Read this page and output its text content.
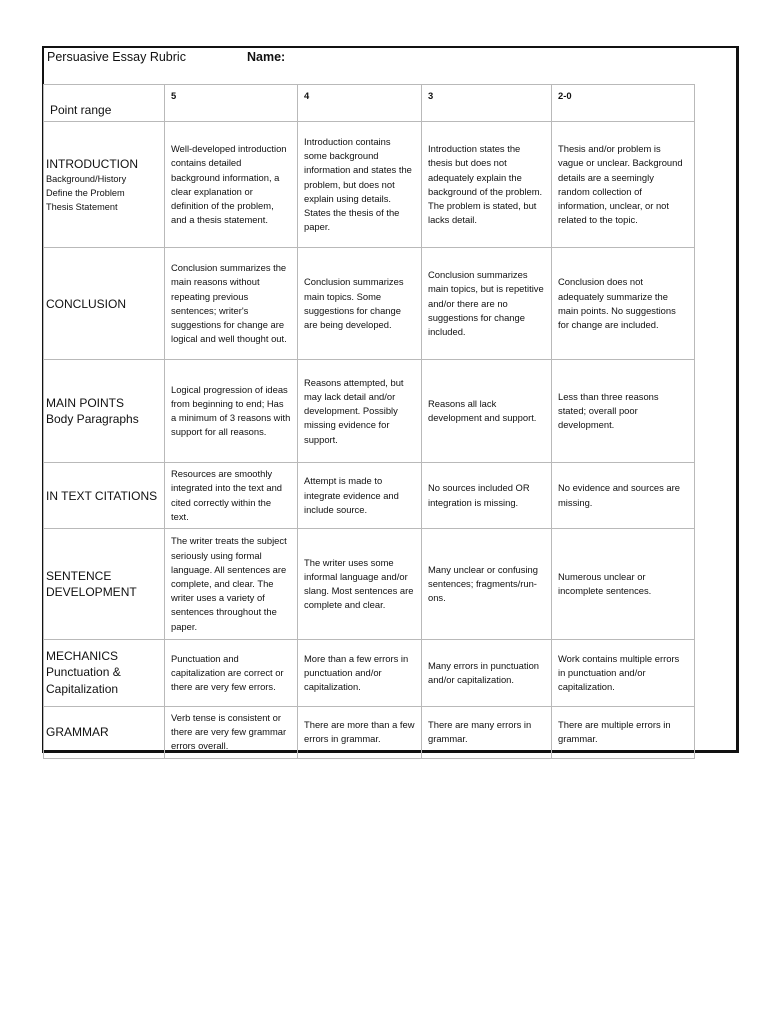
Persuasive Essay Rubric	Name:
Point range	5	4	3	2-0

INTRODUCTION
Background/History
Define the Problem
Thesis Statement	Well-developed introduction contains detailed background information, a clear explanation or definition of the problem, and a thesis statement.	Introduction contains some background information and states the problem, but does not explain using details. States the thesis of the paper.	Introduction states the thesis but does not adequately explain the background of the problem. The problem is stated, but lacks detail.	Thesis and/or problem is vague or unclear. Background details are a seemingly random collection of information, unclear, or not related to the topic.

CONCLUSION	Conclusion summarizes the main reasons without repeating previous sentences; writer's suggestions for change are logical and well thought out.	Conclusion summarizes main topics. Some suggestions for change are being developed.	Conclusion summarizes main topics, but is repetitive and/or there are no suggestions for change included.	Conclusion does not adequately summarize the main points. No suggestions for change are included.

MAIN POINTS
Body Paragraphs	Logical progression of ideas from beginning to end; Has a minimum of 3 reasons with support for all reasons.	Reasons attempted, but may lack detail and/or development. Possibly missing evidence for support.	Reasons all lack development and support.	Less than three reasons stated; overall poor development.

IN TEXT CITATIONS	Resources are smoothly integrated into the text and cited correctly within the text.	Attempt is made to integrate evidence and include source.	No sources included OR integration is missing.	No evidence and sources are missing.

SENTENCE
DEVELOPMENT	The writer treats the subject seriously using formal language. All sentences are complete, and clear. The writer uses a variety of sentences throughout the paper.	The writer uses some informal language and/or slang. Most sentences are complete and clear.	Many unclear or confusing sentences; fragments/run-ons.	Numerous unclear or incomplete sentences.

MECHANICS
Punctuation &
Capitalization	Punctuation and capitalization are correct or there are very few errors.	More than a few errors in punctuation and/or capitalization.	Many errors in punctuation and/or capitalization.	Work contains multiple errors in punctuation and/or capitalization.

GRAMMAR	Verb tense is consistent or there are very few grammar errors overall.	There are more than a few errors in grammar.	There are many errors in grammar.	There are multiple errors in grammar.
